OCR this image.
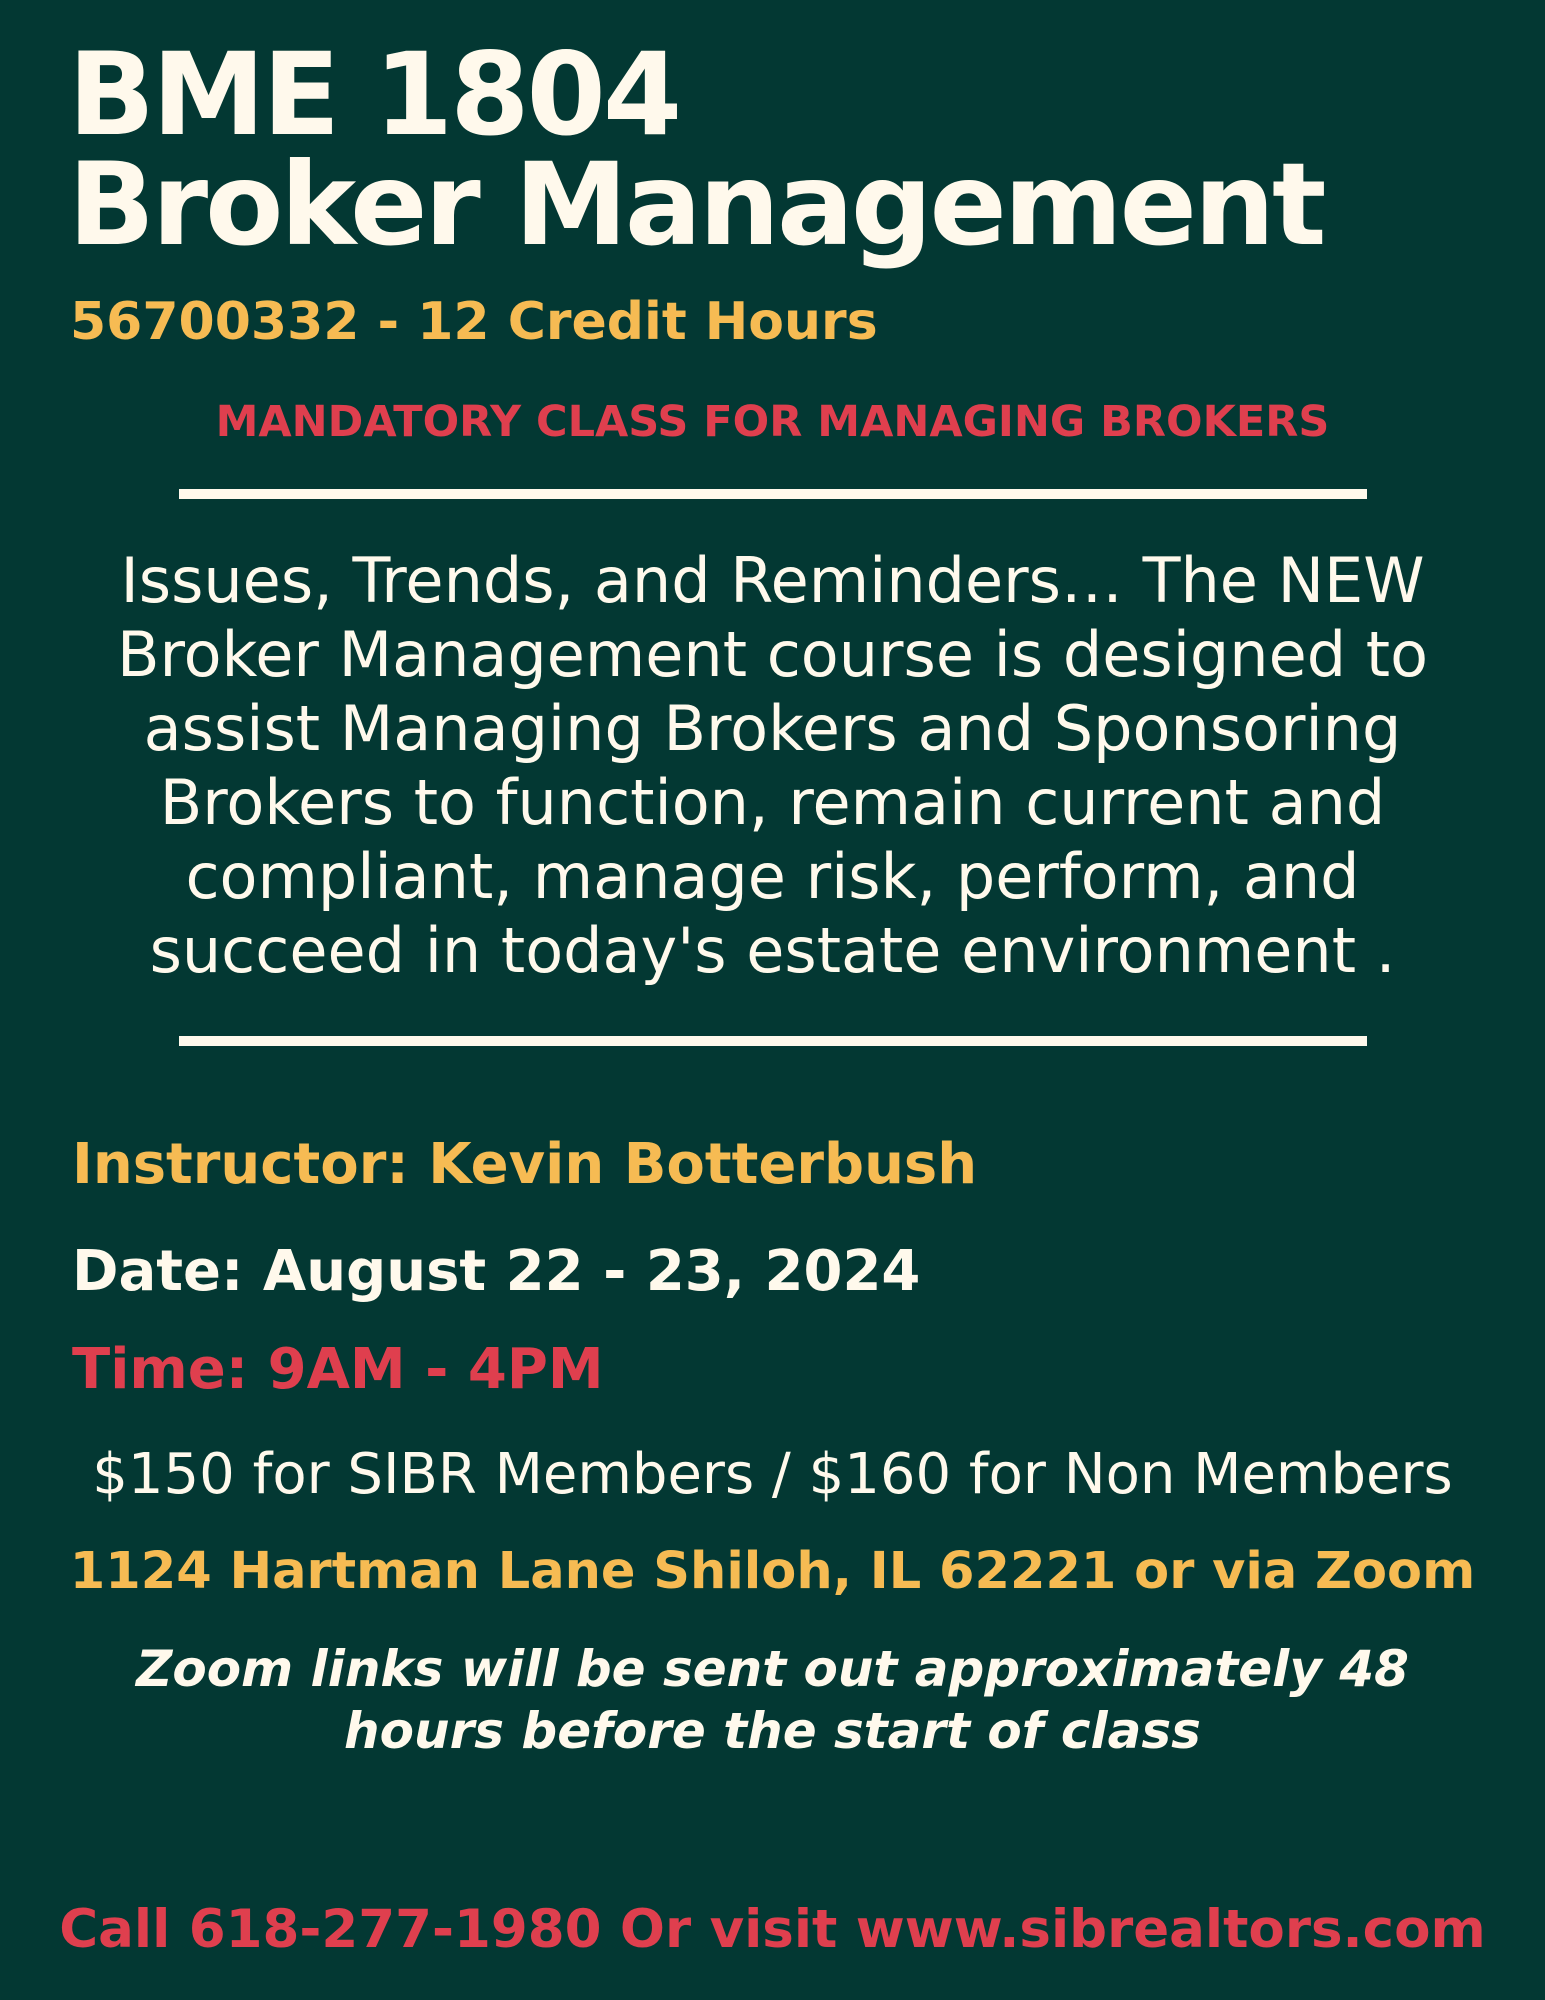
BME 1804
Broker Management
56700332 - 12 Credit Hours
MANDATORY CLASS FOR MANAGING BROKERS
Issues, Trends, and Reminders… The NEW
Broker Management course is designed to
assist Managing Brokers and Sponsoring
Brokers to function, remain current and
compliant, manage risk, perform, and
succeed in today's estate environment .
Instructor: Kevin Botterbush
Date: August 22 - 23, 2024
Time: 9AM - 4PM
$150 for SIBR Members / $160 for Non Members
1124 Hartman Lane Shiloh, IL 62221 or via Zoom
Zoom links will be sent out approximately 48
hours before the start of class
Call 618-277-1980 Or visit www.sibrealtors.com
